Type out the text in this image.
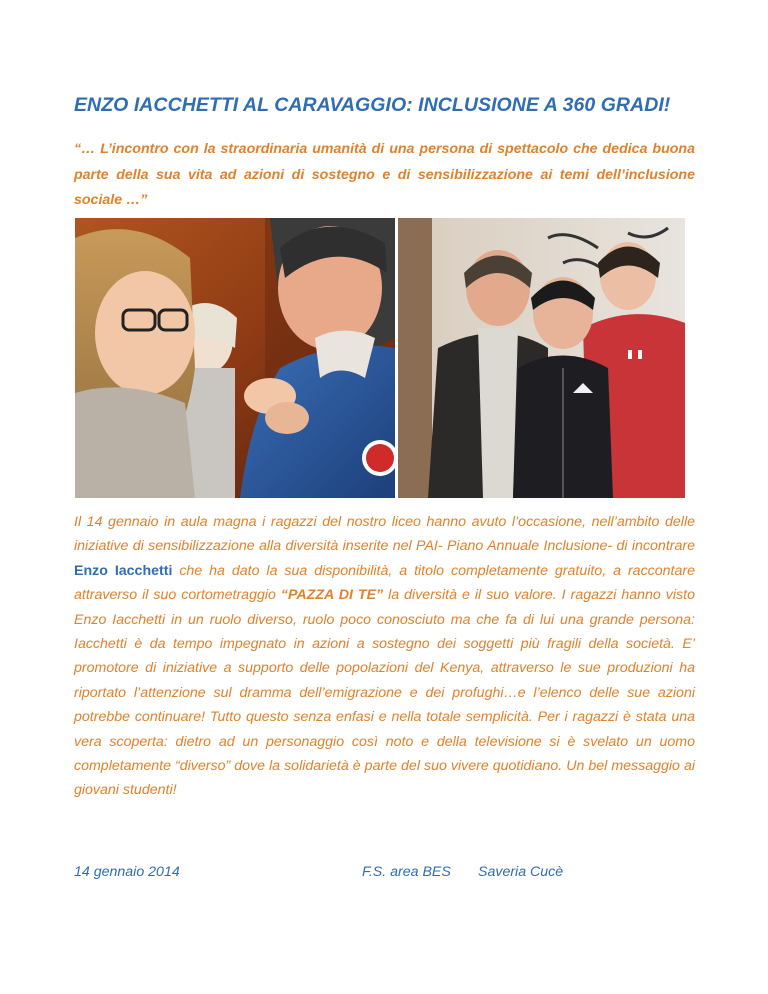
ENZO IACCHETTI AL CARAVAGGIO: INCLUSIONE A 360 GRADI!
“… L’incontro con la straordinaria umanità di una persona di spettacolo che dedica buona parte della sua vita ad azioni di sostegno e di sensibilizzazione ai temi dell’inclusione sociale …”
Il 14 gennaio in aula magna i ragazzi del nostro liceo hanno avuto l’occasione, nell’ambito delle iniziative di sensibilizzazione alla diversità inserite nel PAI- Piano Annuale Inclusione- di incontrare Enzo Iacchetti che ha dato la sua disponibilità, a titolo completamente gratuito, a raccontare attraverso il suo cortometraggio “PAZZA DI TE” la diversità e il suo valore. I ragazzi hanno visto Enzo Iacchetti in un ruolo diverso, ruolo poco conosciuto ma che fa di lui una grande persona: Iacchetti è da tempo impegnato in azioni a sostegno dei soggetti più fragili della società. E’ promotore di iniziative a supporto delle popolazioni del Kenya, attraverso le sue produzioni ha riportato l’attenzione sul dramma dell’emigrazione e dei profughi…e l’elenco delle sue azioni potrebbe continuare! Tutto questo senza enfasi e nella totale semplicità. Per i ragazzi è stata una vera scoperta: dietro ad un personaggio così noto e della televisione si è svelato un uomo completamente “diverso” dove la solidarietà è parte del suo vivere quotidiano. Un bel messaggio ai giovani studenti!
14 gennaio 2014	F.S. area BES Saveria Cucè
